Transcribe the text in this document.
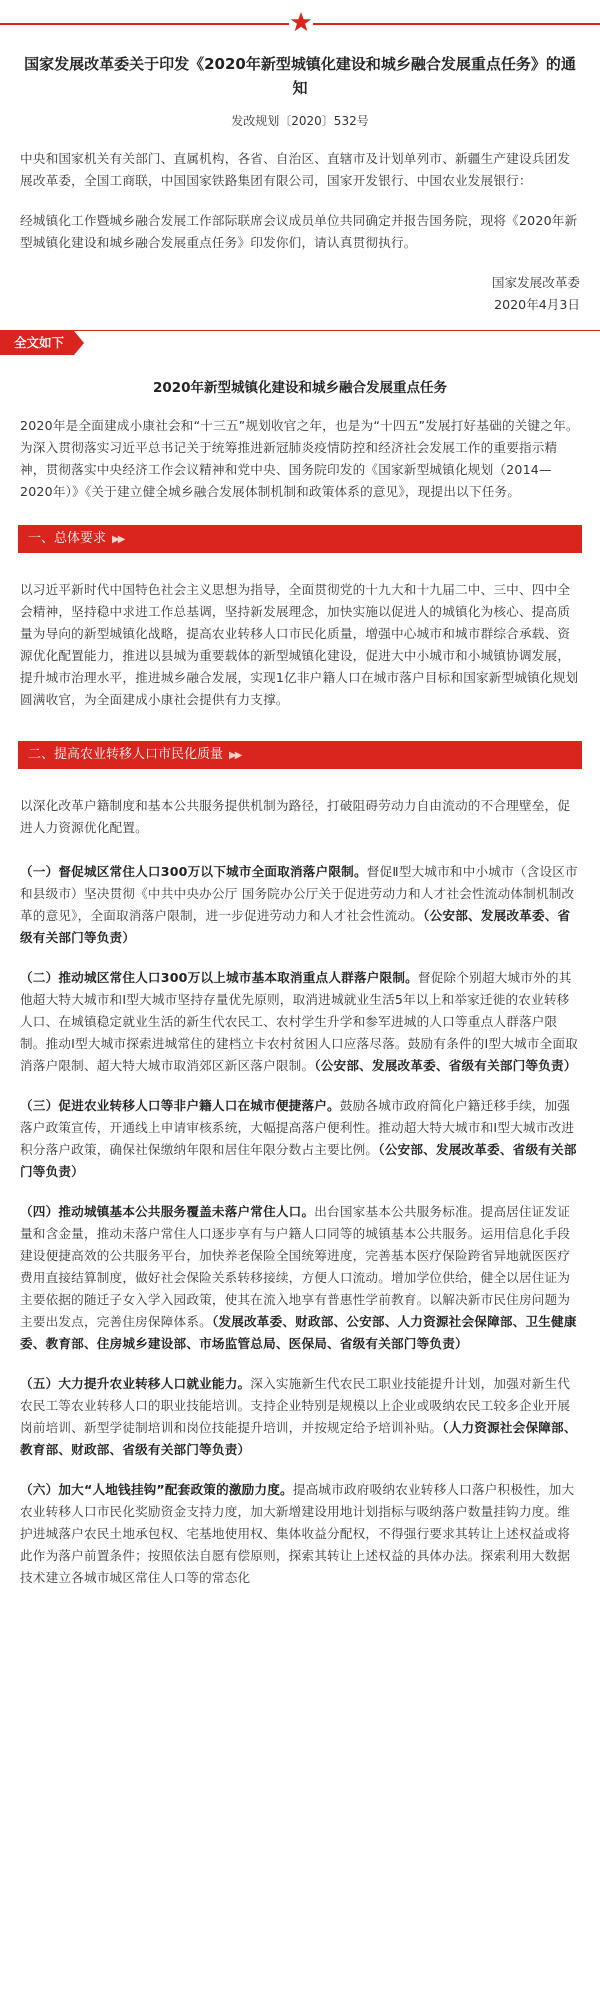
国家发展改革委关于印发《2020年新型城镇化建设和城乡融合发展重点任务》的通知
发改规划〔2020〕532号

中央和国家机关有关部门、直属机构，各省、自治区、直辖市及计划单列市、新疆生产建设兵团发展改革委，全国工商联，中国国家铁路集团有限公司，国家开发银行、中国农业发展银行：

经城镇化工作暨城乡融合发展工作部际联席会议成员单位共同确定并报告国务院，现将《2020年新型城镇化建设和城乡融合发展重点任务》印发你们，请认真贯彻执行。

国家发展改革委
2020年4月3日
全文如下
2020年新型城镇化建设和城乡融合发展重点任务

2020年是全面建成小康社会和“十三五”规划收官之年，也是为“十四五”发展打好基础的关键之年。为深入贯彻落实习近平总书记关于统筹推进新冠肺炎疫情防控和经济社会发展工作的重要指示精神，贯彻落实中央经济工作会议精神和党中央、国务院印发的《国家新型城镇化规划（2014—2020年）》《关于建立健全城乡融合发展体制机制和政策体系的意见》，现提出以下任务。

一、总体要求 ▶▶

以习近平新时代中国特色社会主义思想为指导，全面贯彻党的十九大和十九届二中、三中、四中全会精神，坚持稳中求进工作总基调，坚持新发展理念，加快实施以促进人的城镇化为核心、提高质量为导向的新型城镇化战略，提高农业转移人口市民化质量，增强中心城市和城市群综合承载、资源优化配置能力，推进以县城为重要载体的新型城镇化建设，促进大中小城市和小城镇协调发展，提升城市治理水平，推进城乡融合发展，实现1亿非户籍人口在城市落户目标和国家新型城镇化规划圆满收官，为全面建成小康社会提供有力支撑。

二、提高农业转移人口市民化质量 ▶▶

以深化改革户籍制度和基本公共服务提供机制为路径，打破阻碍劳动力自由流动的不合理壁垒，促进人力资源优化配置。

（一）督促城区常住人口300万以下城市全面取消落户限制。督促Ⅱ型大城市和中小城市（含设区市和县级市）坚决贯彻《中共中央办公厅 国务院办公厅关于促进劳动力和人才社会性流动体制机制改革的意见》，全面取消落户限制，进一步促进劳动力和人才社会性流动。（公安部、发展改革委、省级有关部门等负责）

（二）推动城区常住人口300万以上城市基本取消重点人群落户限制。督促除个别超大城市外的其他超大特大城市和Ⅰ型大城市坚持存量优先原则，取消进城就业生活5年以上和举家迁徙的农业转移人口、在城镇稳定就业生活的新生代农民工、农村学生升学和参军进城的人口等重点人群落户限制。推动Ⅰ型大城市探索进城常住的建档立卡农村贫困人口应落尽落。鼓励有条件的Ⅰ型大城市全面取消落户限制、超大特大城市取消郊区新区落户限制。（公安部、发展改革委、省级有关部门等负责）

（三）促进农业转移人口等非户籍人口在城市便捷落户。鼓励各城市政府简化户籍迁移手续，加强落户政策宣传，开通线上申请审核系统，大幅提高落户便利性。推动超大特大城市和Ⅰ型大城市改进积分落户政策，确保社保缴纳年限和居住年限分数占主要比例。（公安部、发展改革委、省级有关部门等负责）

（四）推动城镇基本公共服务覆盖未落户常住人口。出台国家基本公共服务标准。提高居住证发证量和含金量，推动未落户常住人口逐步享有与户籍人口同等的城镇基本公共服务。运用信息化手段建设便捷高效的公共服务平台，加快养老保险全国统筹进度，完善基本医疗保险跨省异地就医医疗费用直接结算制度，做好社会保险关系转移接续，方便人口流动。增加学位供给，健全以居住证为主要依据的随迁子女入学入园政策，使其在流入地享有普惠性学前教育。以解决新市民住房问题为主要出发点，完善住房保障体系。（发展改革委、财政部、公安部、人力资源社会保障部、卫生健康委、教育部、住房城乡建设部、市场监管总局、医保局、省级有关部门等负责）

（五）大力提升农业转移人口就业能力。深入实施新生代农民工职业技能提升计划，加强对新生代农民工等农业转移人口的职业技能培训。支持企业特别是规模以上企业或吸纳农民工较多企业开展岗前培训、新型学徒制培训和岗位技能提升培训，并按规定给予培训补贴。（人力资源社会保障部、教育部、财政部、省级有关部门等负责）

（六）加大“人地钱挂钩”配套政策的激励力度。提高城市政府吸纳农业转移人口落户积极性，加大农业转移人口市民化奖励资金支持力度，加大新增建设用地计划指标与吸纳落户数量挂钩力度。维护进城落户农民土地承包权、宅基地使用权、集体收益分配权，不得强行要求其转让上述权益或将此作为落户前置条件；按照依法自愿有偿原则，探索其转让上述权益的具体办法。探索利用大数据技术建立各城市城区常住人口等的常态化
